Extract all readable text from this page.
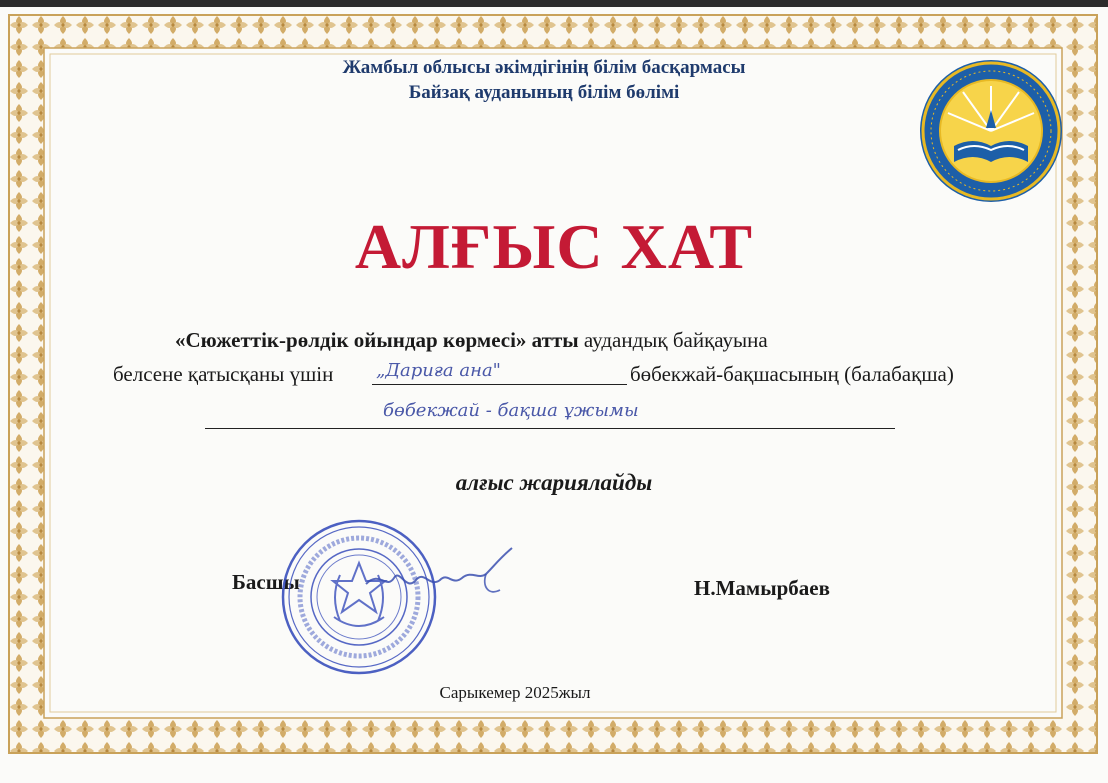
Жамбыл облысы әкімдігінің білім басқармасы
Байзақ ауданының білім бөлімі
АЛҒЫС ХАТ
«Сюжеттік-рөлдік ойындар көрмесі» атты аудандық байқауына
белсене қатысқаны үшін „Дариға ана"	бөбекжай-бақшасының (балабақша)
бөбекжай - бақша ұжымы
алғыс жариялайды
Басшы	Н.Мамырбаев
Сарыкемер 2025жыл
